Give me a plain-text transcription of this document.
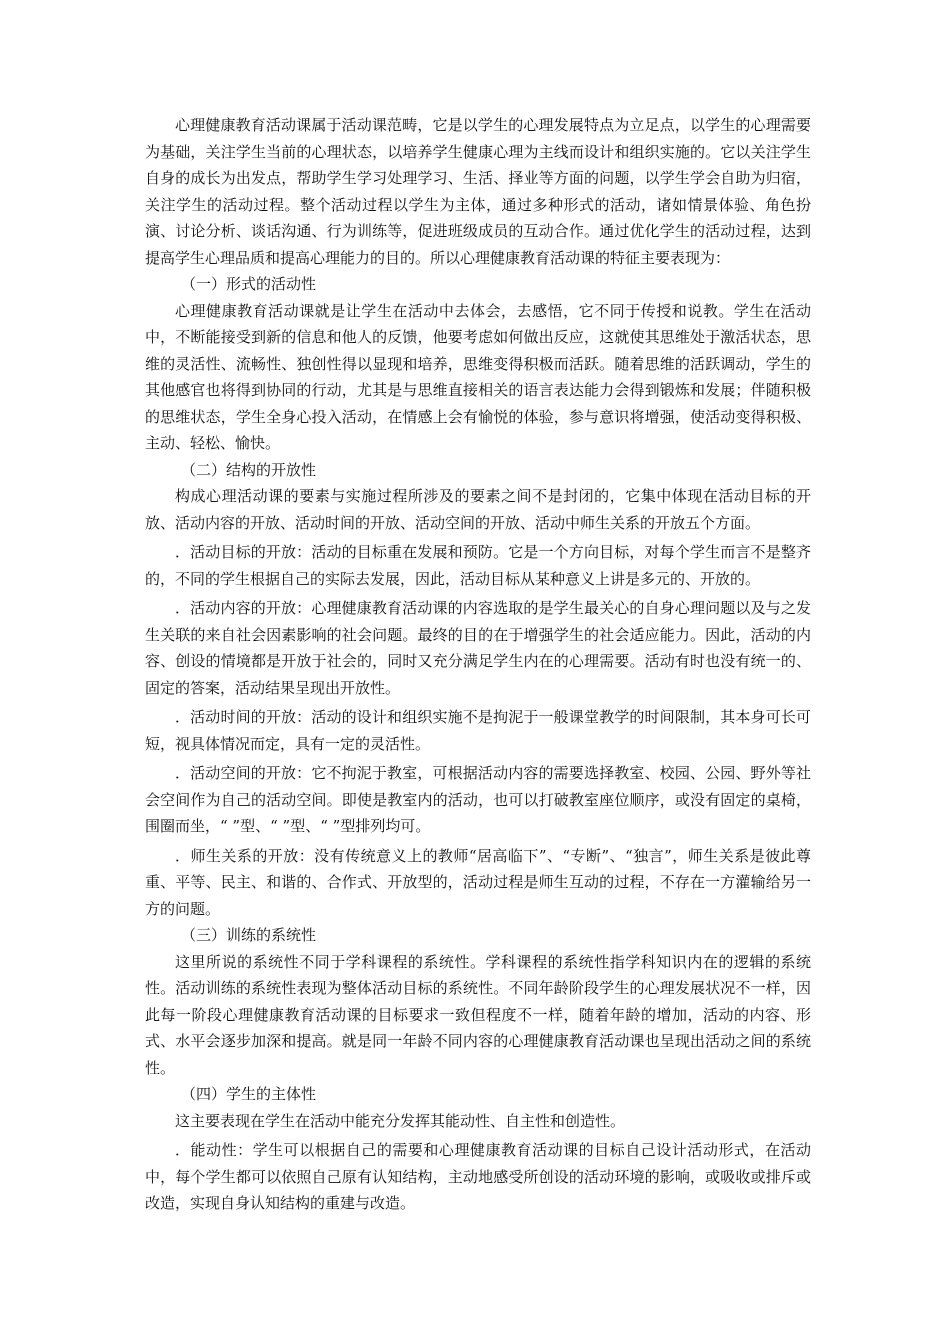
心理健康教育活动课属于活动课范畴，它是以学生的心理发展特点为立足点，以学生的心理需要为基础，关注学生当前的心理状态，以培养学生健康心理为主线而设计和组织实施的。它以关注学生自身的成长为出发点，帮助学生学习处理学习、生活、择业等方面的问题，以学生学会自助为归宿，关注学生的活动过程。整个活动过程以学生为主体，通过多种形式的活动，诸如情景体验、角色扮演、讨论分析、谈话沟通、行为训练等，促进班级成员的互动合作。通过优化学生的活动过程，达到提高学生心理品质和提高心理能力的目的。所以心理健康教育活动课的特征主要表现为：

（一）形式的活动性

心理健康教育活动课就是让学生在活动中去体会，去感悟，它不同于传授和说教。学生在活动中，不断能接受到新的信息和他人的反馈，他要考虑如何做出反应，这就使其思维处于激活状态，思维的灵活性、流畅性、独创性得以显现和培养，思维变得积极而活跃。随着思维的活跃调动，学生的其他感官也将得到协同的行动，尤其是与思维直接相关的语言表达能力会得到锻炼和发展；伴随积极的思维状态，学生全身心投入活动，在情感上会有愉悦的体验，参与意识将增强，使活动变得积极、主动、轻松、愉快。

（二）结构的开放性

构成心理活动课的要素与实施过程所涉及的要素之间不是封闭的，它集中体现在活动目标的开放、活动内容的开放、活动时间的开放、活动空间的开放、活动中师生关系的开放五个方面。

．活动目标的开放：活动的目标重在发展和预防。它是一个方向目标，对每个学生而言不是整齐的，不同的学生根据自己的实际去发展，因此，活动目标从某种意义上讲是多元的、开放的。

．活动内容的开放：心理健康教育活动课的内容选取的是学生最关心的自身心理问题以及与之发生关联的来自社会因素影响的社会问题。最终的目的在于增强学生的社会适应能力。因此，活动的内容、创设的情境都是开放于社会的，同时又充分满足学生内在的心理需要。活动有时也没有统一的、固定的答案，活动结果呈现出开放性。

．活动时间的开放：活动的设计和组织实施不是拘泥于一般课堂教学的时间限制，其本身可长可短，视具体情况而定，具有一定的灵活性。

．活动空间的开放：它不拘泥于教室，可根据活动内容的需要选择教室、校园、公园、野外等社会空间作为自己的活动空间。即使是教室内的活动，也可以打破教室座位顺序，或没有固定的桌椅，围圈而坐，“ ”型、“ ”型、“ ”型排列均可。

．师生关系的开放：没有传统意义上的教师“居高临下”、“专断”、“独言”，师生关系是彼此尊重、平等、民主、和谐的、合作式、开放型的，活动过程是师生互动的过程，不存在一方灌输给另一方的问题。

（三）训练的系统性

这里所说的系统性不同于学科课程的系统性。学科课程的系统性指学科知识内在的逻辑的系统性。活动训练的系统性表现为整体活动目标的系统性。不同年龄阶段学生的心理发展状况不一样，因此每一阶段心理健康教育活动课的目标要求一致但程度不一样，随着年龄的增加，活动的内容、形式、水平会逐步加深和提高。就是同一年龄不同内容的心理健康教育活动课也呈现出活动之间的系统性。

（四）学生的主体性

这主要表现在学生在活动中能充分发挥其能动性、自主性和创造性。

．能动性：学生可以根据自己的需要和心理健康教育活动课的目标自己设计活动形式，在活动中，每个学生都可以依照自己原有认知结构，主动地感受所创设的活动环境的影响，或吸收或排斥或改造，实现自身认知结构的重建与改造。
